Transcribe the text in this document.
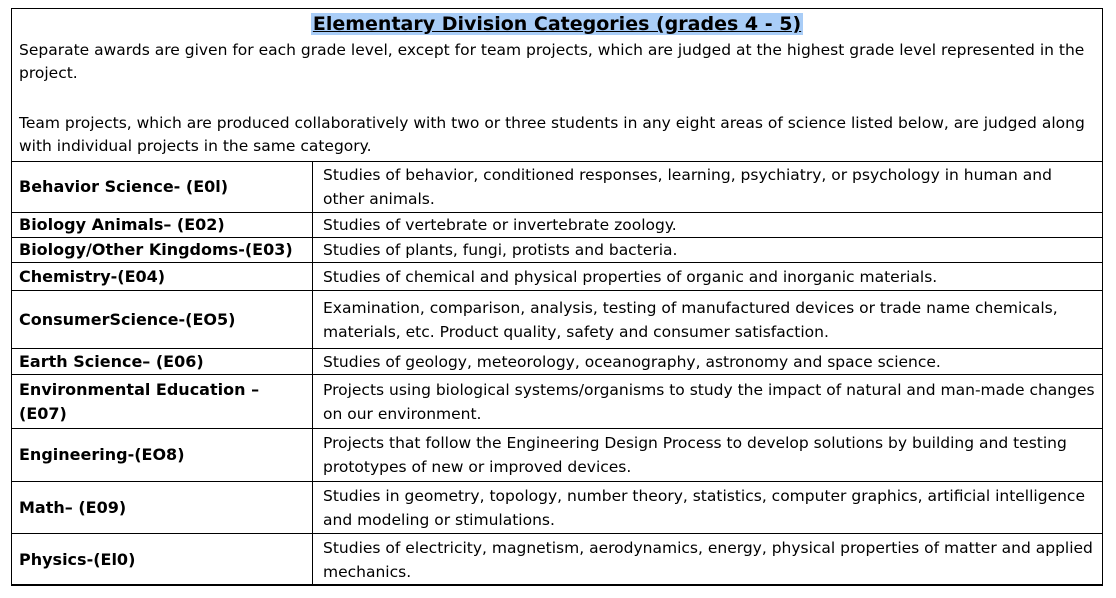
Elementary Division Categories (grades 4 - 5)
Separate awards are given for each grade level, except for team projects, which are judged at the highest grade level represented in the project.
Team projects, which are produced collaboratively with two or three students in any eight areas of science listed below, are judged along with individual projects in the same category.
Behavior Science- (E0l)	Studies of behavior, conditioned responses, learning, psychiatry, or psychology in human and other animals.
Biology Animals– (E02)	Studies of vertebrate or invertebrate zoology.
Biology/Other Kingdoms-(E03)	Studies of plants, fungi, protists and bacteria.
Chemistry-(E04)	Studies of chemical and physical properties of organic and inorganic materials.
ConsumerScience-(EO5)	Examination, comparison, analysis, testing of manufactured devices or trade name chemicals, materials, etc. Product quality, safety and consumer satisfaction.
Earth Science– (E06)	Studies of geology, meteorology, oceanography, astronomy and space science.
Environmental Education – (E07)	Projects using biological systems/organisms to study the impact of natural and man-made changes on our environment.
Engineering-(EO8)	Projects that follow the Engineering Design Process to develop solutions by building and testing prototypes of new or improved devices.
Math– (E09)	Studies in geometry, topology, number theory, statistics, computer graphics, artificial intelligence and modeling or stimulations.
Physics-(El0)	Studies of electricity, magnetism, aerodynamics, energy, physical properties of matter and applied mechanics.
